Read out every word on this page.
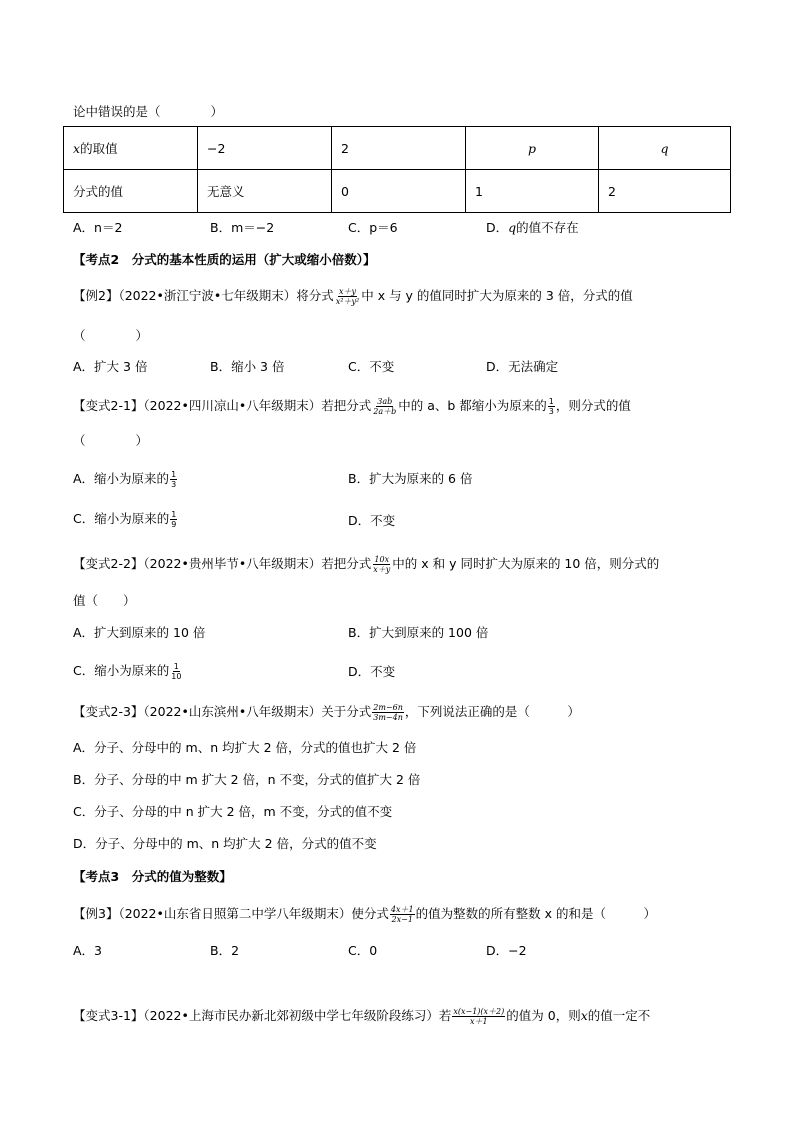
论中错误的是（　　　　）
x的取值	−2	2	p	q
分式的值	无意义	0	1	2
A．n＝2	B．m＝−2	C．p＝6	D．q的值不存在
【考点2　分式的基本性质的运用（扩大或缩小倍数）】
【例2】（2022•浙江宁波•七年级期末）将分式 $\frac{x+y}{\text{x²＋y²}}$ 中 x 与 y 的值同时扩大为原来的 3 倍，分式的值
（　　　　）
A．扩大 3 倍	B．缩小 3 倍	C．不变	D．无法确定
【变式2-1】（2022•四川凉山•八年级期末）若把分式 $\frac{3ab}{2a+b}$ 中的 a、b 都缩小为原来的 $\frac{1}{3}$ ，则分式的值
（　　　　）
A．缩小为原来的 $\frac{1}{3}$	B．扩大为原来的 6 倍
C．缩小为原来的 $\frac{1}{9}$	D．不变
【变式2-2】（2022•贵州毕节•八年级期末）若把分式 $\frac{10x}{x+y}$ 中的 x 和 y 同时扩大为原来的 10 倍，则分式的
值（　　）
A．扩大到原来的 10 倍	B．扩大到原来的 100 倍
C．缩小为原来的 $\frac{1}{10}$	D．不变
【变式2-3】（2022•山东滨州•八年级期末）关于分式 $\frac{2m-6n}{3m-4n}$ ，下列说法正确的是（　　　）
A．分子、分母中的 m、n 均扩大 2 倍，分式的值也扩大 2 倍
B．分子、分母的中 m 扩大 2 倍，n 不变，分式的值扩大 2 倍
C．分子、分母的中 n 扩大 2 倍，m 不变，分式的值不变
D．分子、分母中的 m、n 均扩大 2 倍，分式的值不变
【考点3　分式的值为整数】
【例3】（2022•山东省日照第二中学八年级期末）使分式 $\frac{4x+1}{2x-1}$ 的值为整数的所有整数 x 的和是（　　　）
A．3	B．2	C．0	D．−2
【变式3-1】（2022•上海市民办新北郊初级中学七年级阶段练习）若 $\frac{x(x-1)(x+2)}{x+1}$ 的值为 0，则x的值一定不
